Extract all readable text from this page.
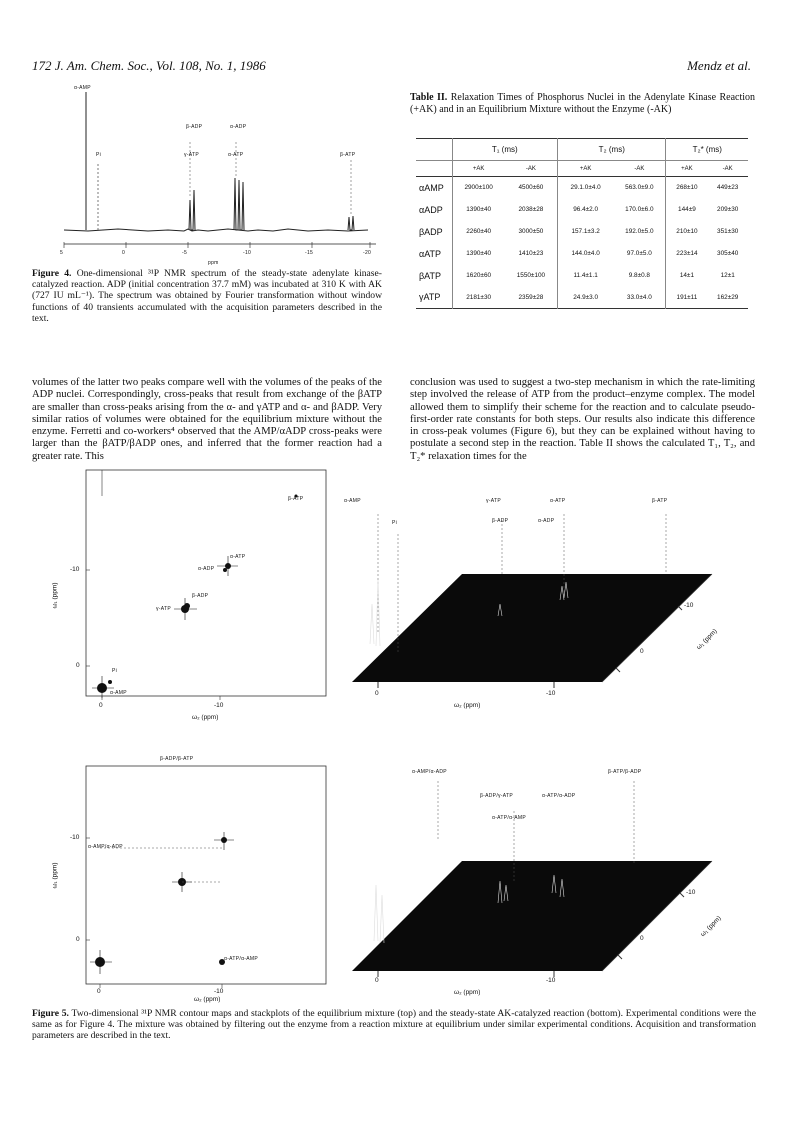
172 J. Am. Chem. Soc., Vol. 108, No. 1, 1986	Mendz et al.
α-AMP
Pi
β-ADP	α-ADP
γ-ATP	α-ATP	β-ATP
5	0	-5	-10	-15	-20
ppm
Figure 4. One-dimensional ³¹P NMR spectrum of the steady-state adenylate kinase-catalyzed reaction. ADP (initial concentration 37.7 mM) was incubated at 310 K with AK (727 IU mL⁻¹). The spectrum was obtained by Fourier transformation without window functions of 40 transients accumulated with the acquisition parameters described in the text.
Table II. Relaxation Times of Phosphorus Nuclei in the Adenylate Kinase Reaction (+AK) and in an Equilibrium Mixture without the Enzyme (-AK)
	T₁ (ms)		T₂ (ms)		T₂* (ms)	
	+AK	-AK	+AK	-AK	+AK	-AK
αAMP	2900±100	4500±60	29.1.0±4.0	563.0±9.0	268±10	449±23
αADP	1390±40	2038±28	96.4±2.0	170.0±6.0	144±9	209±30
βADP	2260±40	3000±50	157.1±3.2	192.0±5.0	210±10	351±30
αATP	1390±40	1410±23	144.0±4.0	97.0±5.0	223±14	305±40
βATP	1620±60	1550±100	11.4±1.1	9.8±0.8	14±1	12±1
γATP	2181±30	2359±28	24.9±3.0	33.0±4.0	191±11	162±29
volumes of the latter two peaks compare well with the volumes of the peaks of the ADP nuclei. Correspondingly, cross-peaks that result from exchange of the βATP are smaller than cross-peaks arising from the α- and γATP and α- and βADP. Very similar ratios of volumes were obtained for the equilibrium mixture without the enzyme. Ferretti and co-workers⁴ observed that the AMP/αADP cross-peaks were larger than the βATP/βADP ones, and inferred that the former reaction had a greater rate. This
conclusion was used to suggest a two-step mechanism in which the rate-limiting step involved the release of ATP from the product–enzyme complex. The model allowed them to simplify their scheme for the reaction and to calculate pseudo-first-order rate constants for both steps. Our results also indicate this difference in cross-peak volumes (Figure 6), but they can be explained without having to postulate a second step in the reaction. Table II shows the calculated T₁, T₂, and T₂* relaxation times for the
β-ATP
α-ATP
α-ADP
β-ADP
γ-ATP
α-AMP
Pi
-10
0
0	-10
ω₁ (ppm)
ω₂ (ppm)
α-AMP	γ-ATP	α-ATP	β-ATP
Pi	β-ADP	α-ADP
0	-10
-10
0
ω₂ (ppm)
ω₁ (ppm)
β-ADP/β-ATP
α-AMP/α-ADP
α-ATP/α-AMP
-10
0
0	-10
ω₁ (ppm)
ω₂ (ppm)
α-AMP/α-ADP	β-ATP/β-ADP
β-ADP/γ-ATP	α-ATP/α-ADP
α-ATP/α-AMP
0	-10
-10
0
ω₂ (ppm)
ω₁ (ppm)
Figure 5. Two-dimensional ³¹P NMR contour maps and stackplots of the equilibrium mixture (top) and the steady-state AK-catalyzed reaction (bottom). Experimental conditions were the same as for Figure 4. The mixture was obtained by filtering out the enzyme from a reaction mixture at equilibrium under similar experimental conditions. Acquisition and transformation parameters are described in the text.
